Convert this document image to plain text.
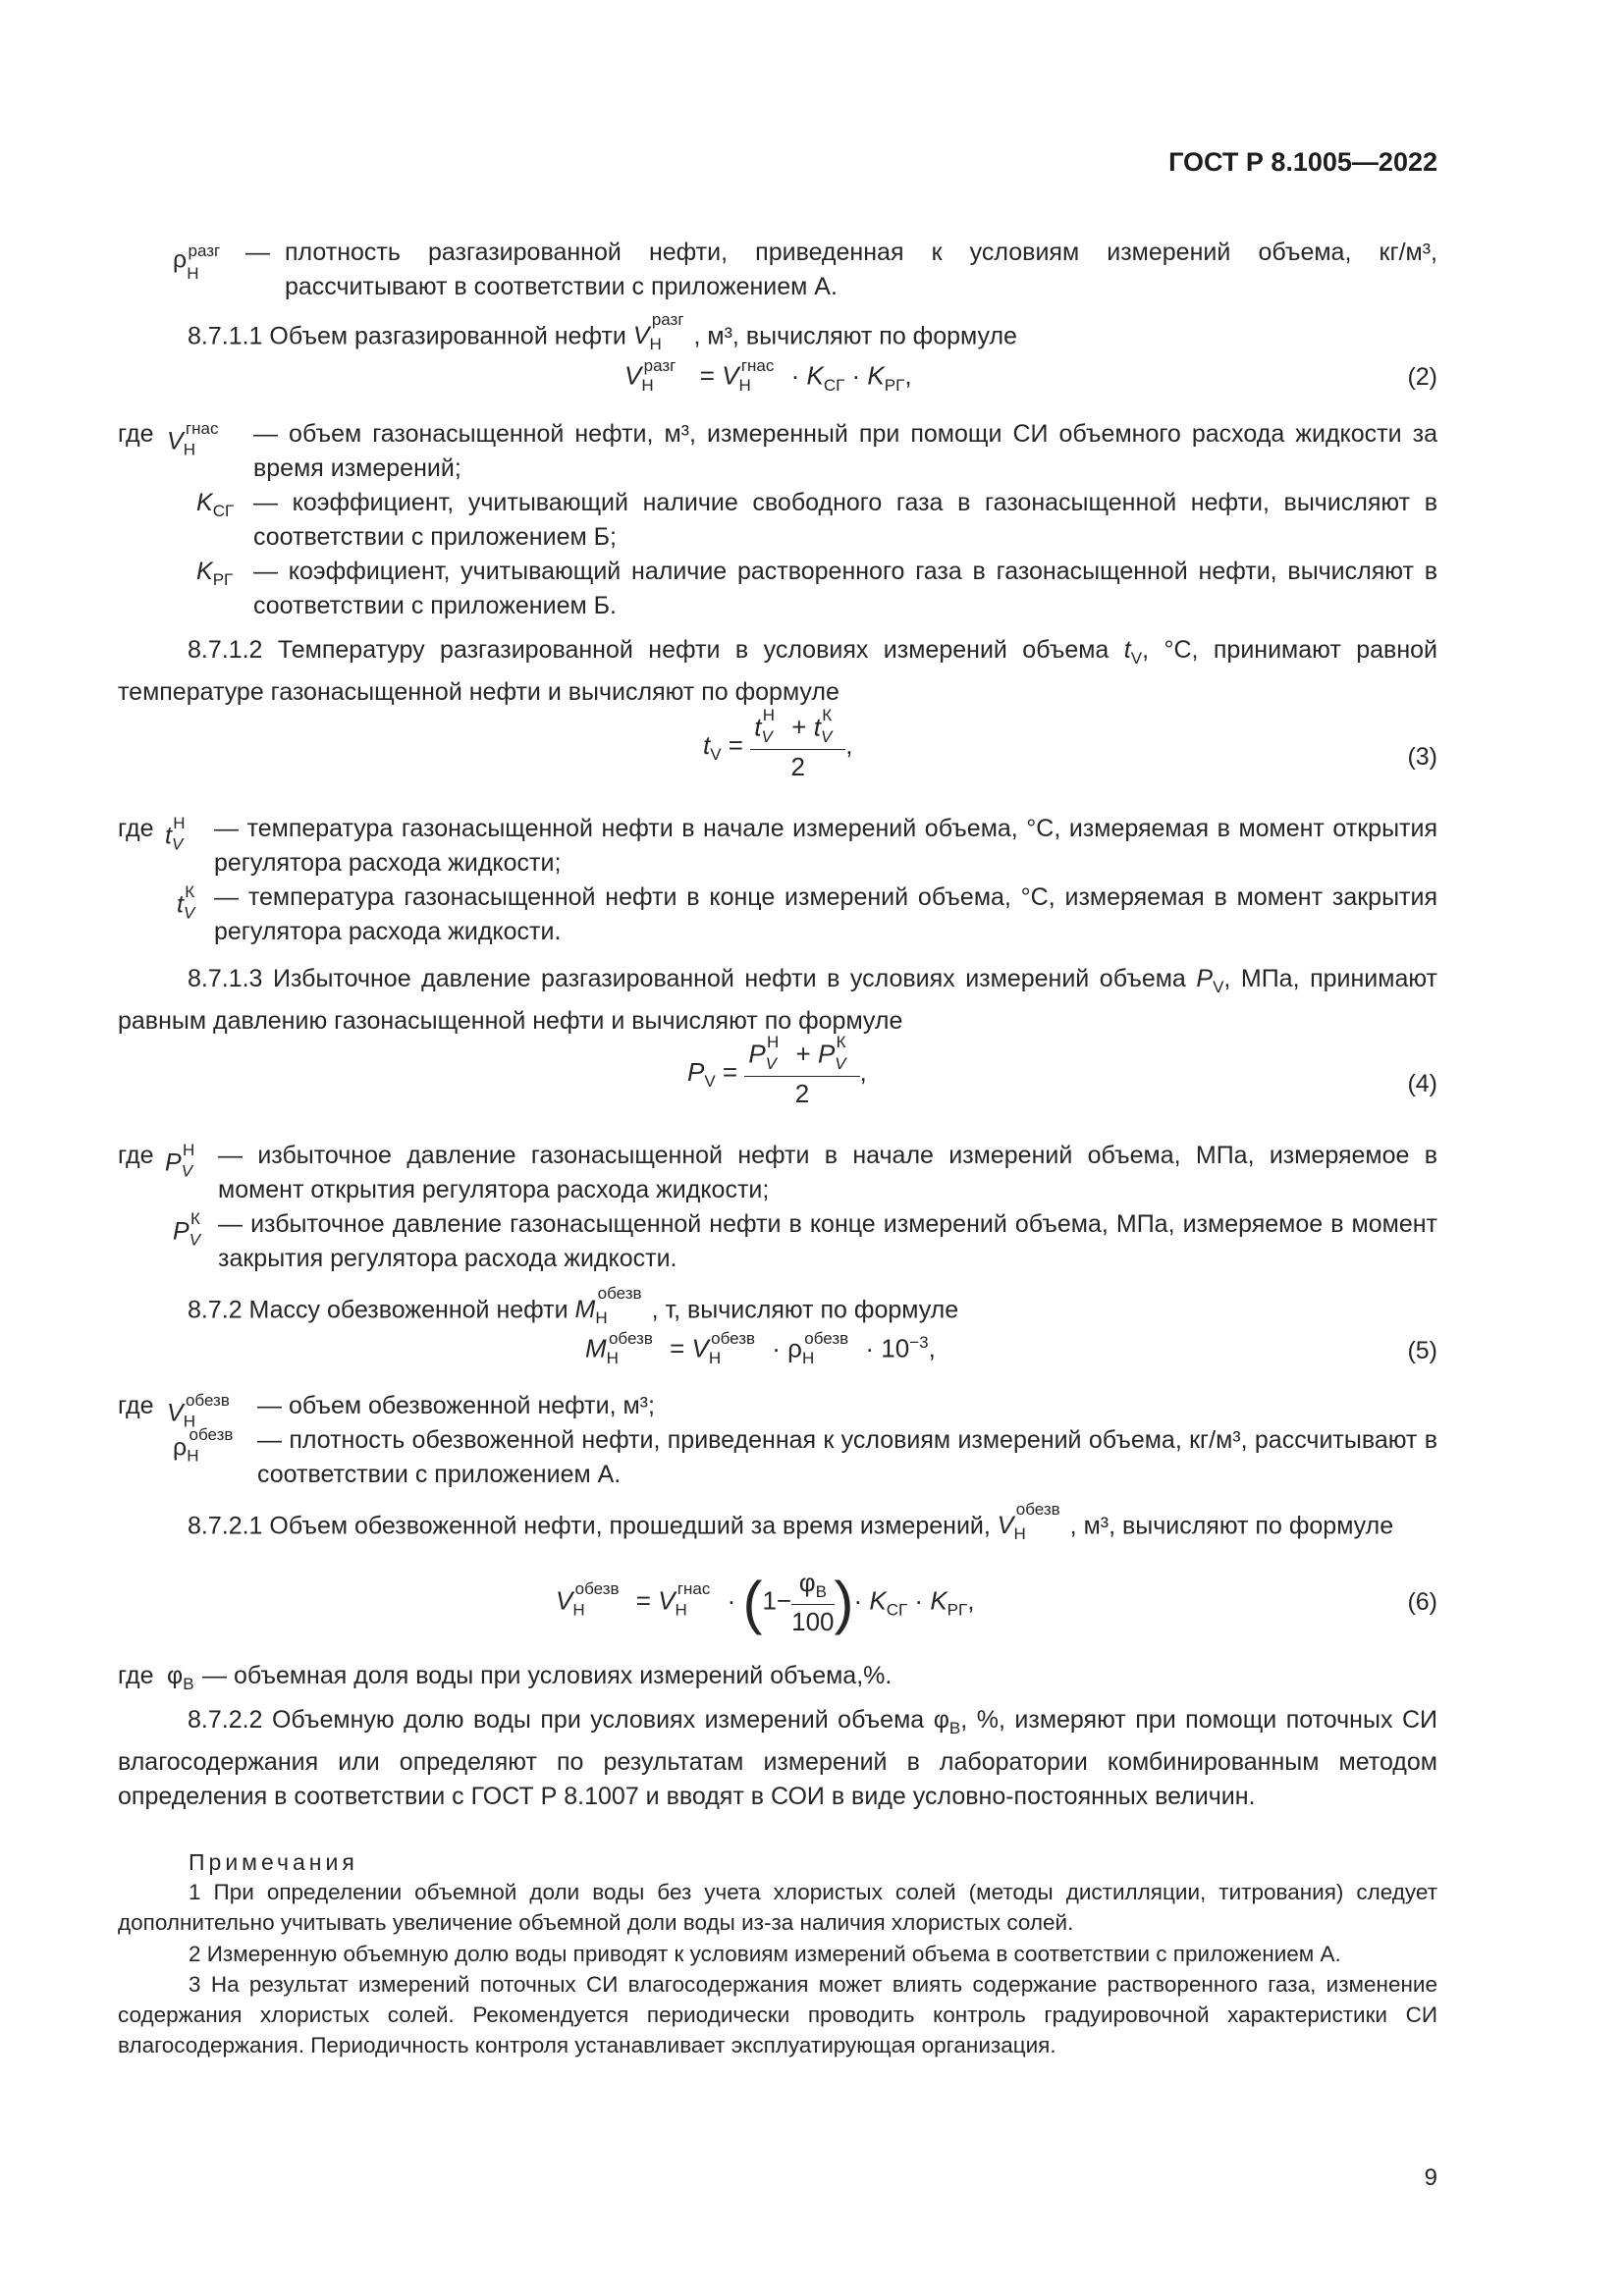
ГОСТ Р 8.1005—2022
$\rho_Н^{разг}$	— плотность разгазированной нефти, приведенная к условиям измерений объема, кг/м³, рассчитывают в соответствии с приложением А.
8.7.1.1 Объем разгазированной нефти $V_Н^{разг}$, м³, вычисляют по формуле
$V_Н^{разг} = V_Н^{гнас} \cdot K_{СГ} \cdot K_{РГ}$,	(2)
где $V_Н^{гнас}$	— объем газонасыщенной нефти, м³, измеренный при помощи СИ объемного расхода жидкости за время измерений;
$K_{СГ}$ — коэффициент, учитывающий наличие свободного газа в газонасыщенной нефти, вычисляют в соответствии с приложением Б;
$K_{РГ}$ — коэффициент, учитывающий наличие растворенного газа в газонасыщенной нефти, вычисляют в соответствии с приложением Б.
8.7.1.2 Температуру разгазированной нефти в условиях измерений объема $t_V$, °С, принимают равной температуре газонасыщенной нефти и вычисляют по формуле
$t_V = \frac{t_V^Н + t_V^К}{2}$ ,	(3)
где $t_V^Н$	— температура газонасыщенной нефти в начале измерений объема, °С, измеряемая в момент открытия регулятора расхода жидкости;
$t_V^К$ — температура газонасыщенной нефти в конце измерений объема, °С, измеряемая в момент закрытия регулятора расхода жидкости.
8.7.1.3 Избыточное давление разгазированной нефти в условиях измерений объема $P_V$, МПа, принимают равным давлению газонасыщенной нефти и вычисляют по формуле
$P_V = \frac{P_V^Н + P_V^К}{2}$ ,	(4)
где $P_V^Н$ — избыточное давление газонасыщенной нефти в начале измерений объема, МПа, измеряемое в момент открытия регулятора расхода жидкости;
$P_V^К$ — избыточное давление газонасыщенной нефти в конце измерений объема, МПа, измеряемое в момент закрытия регулятора расхода жидкости.
8.7.2 Массу обезвоженной нефти $M_Н^{обезв}$, т, вычисляют по формуле
$M_Н^{обезв} = V_Н^{обезв} \cdot \rho_Н^{обезв} \cdot 10^{-3}$,	(5)
где $V_Н^{обезв}$	— объем обезвоженной нефти, м³;
$\rho_Н^{обезв}$ — плотность обезвоженной нефти, приведенная к условиям измерений объема, кг/м³, рассчитывают в соответствии с приложением А.
8.7.2.1 Объем обезвоженной нефти, прошедший за время измерений, $V_Н^{обезв}$, м³, вычисляют по формуле
$V_Н^{обезв} = V_Н^{гнас} \cdot (1- \frac{\varphi_В}{100}$ )· $K_{СГ} \cdot K_{РГ}$,	(6)
где $\varphi_В$ — объемная доля воды при условиях измерений объема,%.
8.7.2.2 Объемную долю воды при условиях измерений объема $\varphi_В$, %, измеряют при помощи поточных СИ влагосодержания или определяют по результатам измерений в лаборатории комбинированным методом определения в соответствии с ГОСТ Р 8.1007 и вводят в СОИ в виде условно-постоянных величин.
Примечания
1 При определении объемной доли воды без учета хлористых солей (методы дистилляции, титрования) следует дополнительно учитывать увеличение объемной доли воды из-за наличия хлористых солей.
2 Измеренную объемную долю воды приводят к условиям измерений объема в соответствии с приложением А.
3 На результат измерений поточных СИ влагосодержания может влиять содержание растворенного газа, изменение содержания хлористых солей. Рекомендуется периодически проводить контроль градуировочной характеристики СИ влагосодержания. Периодичность контроля устанавливает эксплуатирующая организация.
9
